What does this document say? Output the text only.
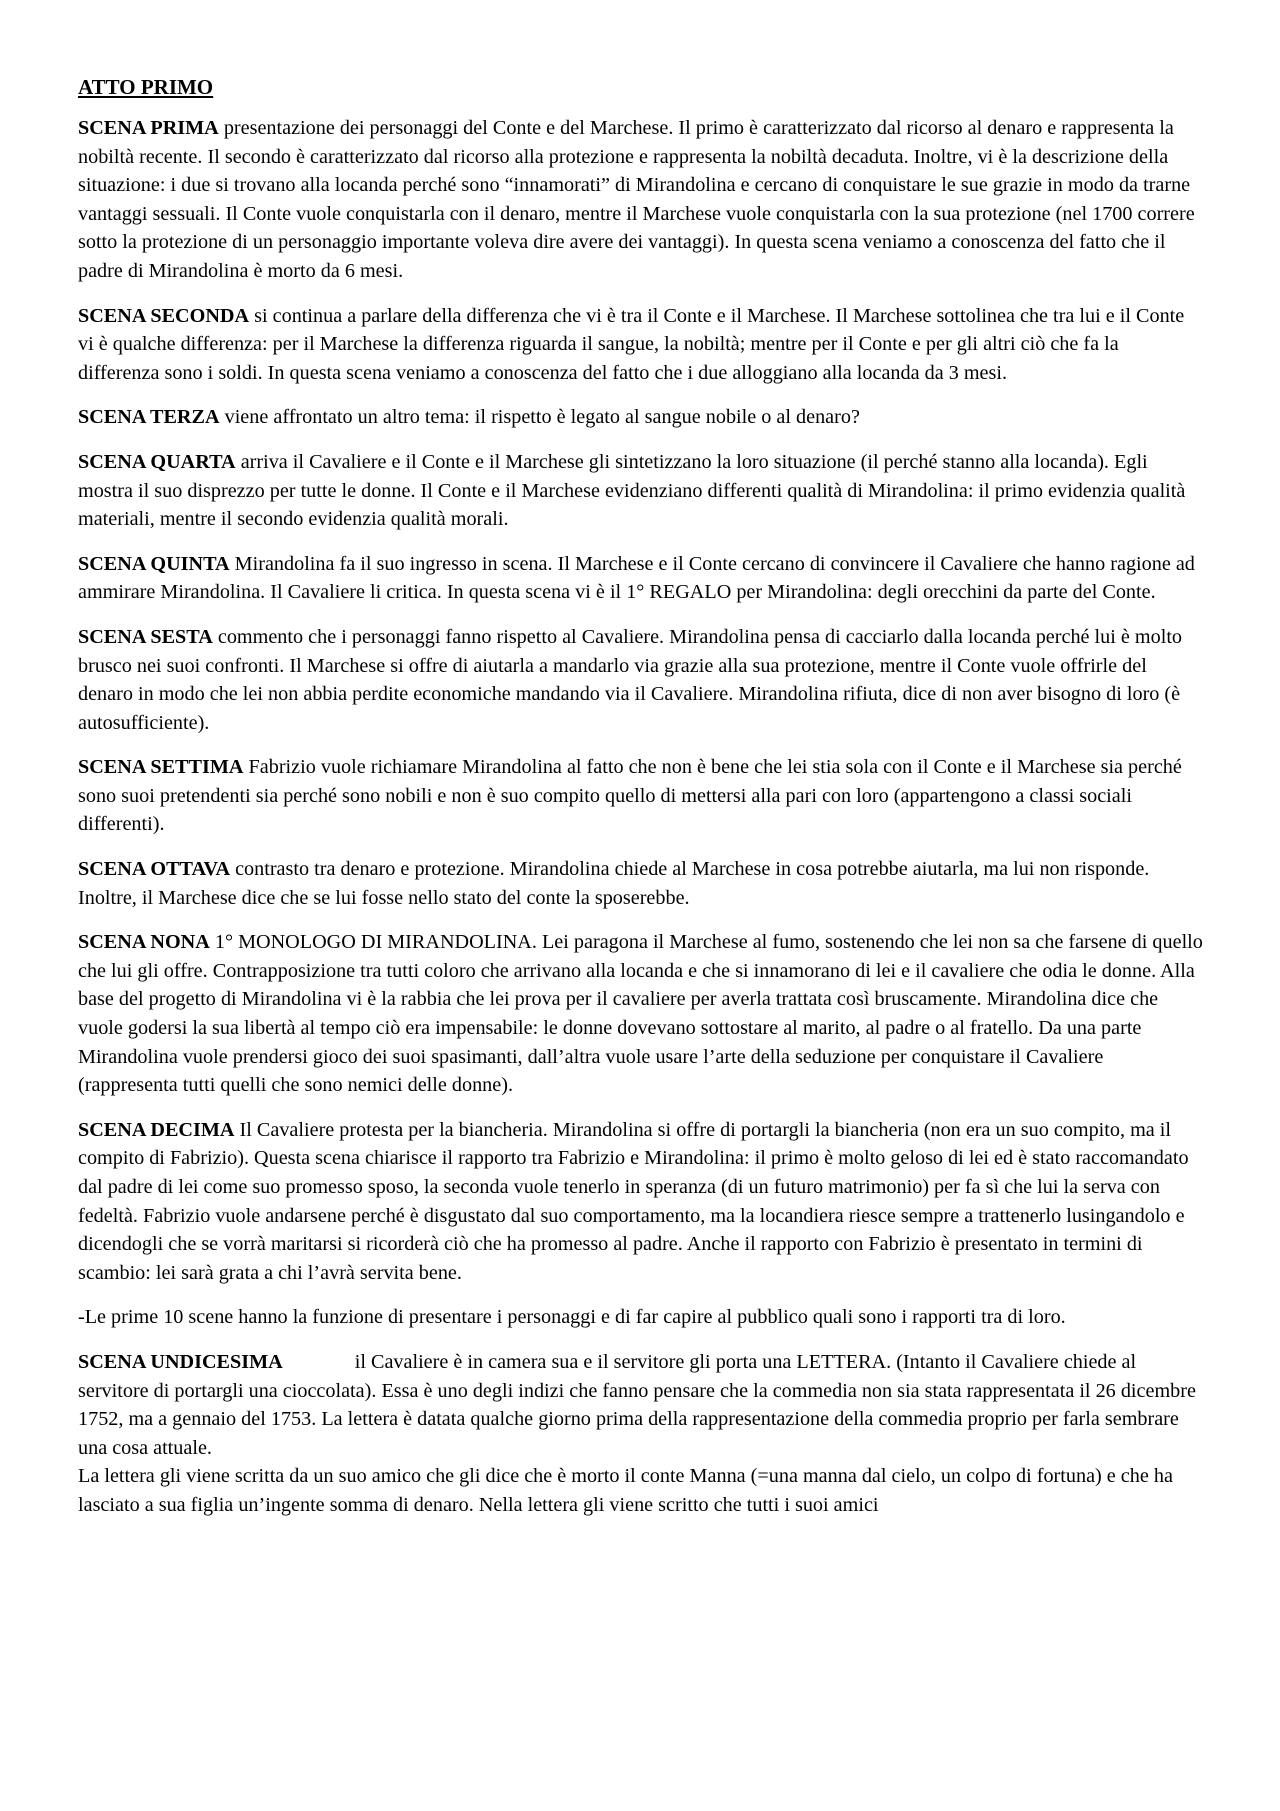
ATTO PRIMO

SCENA PRIMA presentazione dei personaggi del Conte e del Marchese. Il primo è caratterizzato dal ricorso al denaro e rappresenta la nobiltà recente. Il secondo è caratterizzato dal ricorso alla protezione e rappresenta la nobiltà decaduta. Inoltre, vi è la descrizione della situazione: i due si trovano alla locanda perché sono “innamorati” di Mirandolina e cercano di conquistare le sue grazie in modo da trarne vantaggi sessuali. Il Conte vuole conquistarla con il denaro, mentre il Marchese vuole conquistarla con la sua protezione (nel 1700 correre sotto la protezione di un personaggio importante voleva dire avere dei vantaggi). In questa scena veniamo a conoscenza del fatto che il padre di Mirandolina è morto da 6 mesi.

SCENA SECONDA si continua a parlare della differenza che vi è tra il Conte e il Marchese. Il Marchese sottolinea che tra lui e il Conte vi è qualche differenza: per il Marchese la differenza riguarda il sangue, la nobiltà; mentre per il Conte e per gli altri ciò che fa la differenza sono i soldi. In questa scena veniamo a conoscenza del fatto che i due alloggiano alla locanda da 3 mesi.

SCENA TERZA viene affrontato un altro tema: il rispetto è legato al sangue nobile o al denaro?

SCENA QUARTA arriva il Cavaliere e il Conte e il Marchese gli sintetizzano la loro situazione (il perché stanno alla locanda). Egli mostra il suo disprezzo per tutte le donne. Il Conte e il Marchese evidenziano differenti qualità di Mirandolina: il primo evidenzia qualità materiali, mentre il secondo evidenzia qualità morali.

SCENA QUINTA Mirandolina fa il suo ingresso in scena. Il Marchese e il Conte cercano di convincere il Cavaliere che hanno ragione ad ammirare Mirandolina. Il Cavaliere li critica. In questa scena vi è il 1° REGALO per Mirandolina: degli orecchini da parte del Conte.

SCENA SESTA commento che i personaggi fanno rispetto al Cavaliere. Mirandolina pensa di cacciarlo dalla locanda perché lui è molto brusco nei suoi confronti. Il Marchese si offre di aiutarla a mandarlo via grazie alla sua protezione, mentre il Conte vuole offrirle del denaro in modo che lei non abbia perdite economiche mandando via il Cavaliere. Mirandolina rifiuta, dice di non aver bisogno di loro (è autosufficiente).

SCENA SETTIMA Fabrizio vuole richiamare Mirandolina al fatto che non è bene che lei stia sola con il Conte e il Marchese sia perché sono suoi pretendenti sia perché sono nobili e non è suo compito quello di mettersi alla pari con loro (appartengono a classi sociali differenti).

SCENA OTTAVA contrasto tra denaro e protezione. Mirandolina chiede al Marchese in cosa potrebbe aiutarla, ma lui non risponde. Inoltre, il Marchese dice che se lui fosse nello stato del conte la sposerebbe.

SCENA NONA 1° MONOLOGO DI MIRANDOLINA. Lei paragona il Marchese al fumo, sostenendo che lei non sa che farsene di quello che lui gli offre. Contrapposizione tra tutti coloro che arrivano alla locanda e che si innamorano di lei e il cavaliere che odia le donne. Alla base del progetto di Mirandolina vi è la rabbia che lei prova per il cavaliere per averla trattata così bruscamente. Mirandolina dice che vuole godersi la sua libertà al tempo ciò era impensabile: le donne dovevano sottostare al marito, al padre o al fratello. Da una parte Mirandolina vuole prendersi gioco dei suoi spasimanti, dall’altra vuole usare l’arte della seduzione per conquistare il Cavaliere (rappresenta tutti quelli che sono nemici delle donne).

SCENA DECIMA Il Cavaliere protesta per la biancheria. Mirandolina si offre di portargli la biancheria (non era un suo compito, ma il compito di Fabrizio). Questa scena chiarisce il rapporto tra Fabrizio e Mirandolina: il primo è molto geloso di lei ed è stato raccomandato dal padre di lei come suo promesso sposo, la seconda vuole tenerlo in speranza (di un futuro matrimonio) per fa sì che lui la serva con fedeltà. Fabrizio vuole andarsene perché è disgustato dal suo comportamento, ma la locandiera riesce sempre a trattenerlo lusingandolo e dicendogli che se vorrà maritarsi si ricorderà ciò che ha promesso al padre. Anche il rapporto con Fabrizio è presentato in termini di scambio: lei sarà grata a chi l’avrà servita bene.

-Le prime 10 scene hanno la funzione di presentare i personaggi e di far capire al pubblico quali sono i rapporti tra di loro.

SCENA UNDICESIMA	il Cavaliere è in camera sua e il servitore gli porta una LETTERA. (Intanto il Cavaliere chiede al servitore di portargli una cioccolata). Essa è uno degli indizi che fanno pensare che la commedia non sia stata rappresentata il 26 dicembre 1752, ma a gennaio del 1753. La lettera è datata qualche giorno prima della rappresentazione della commedia proprio per farla sembrare una cosa attuale.

La lettera gli viene scritta da un suo amico che gli dice che è morto il conte Manna (=una manna dal cielo, un colpo di fortuna) e che ha lasciato a sua figlia un’ingente somma di denaro. Nella lettera gli viene scritto che tutti i suoi amici
